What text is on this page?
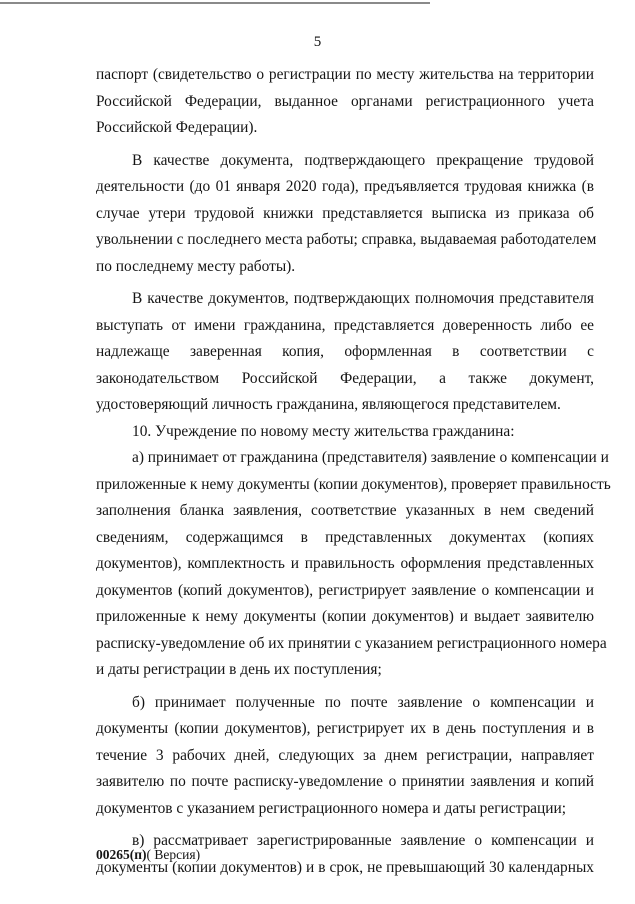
5
паспорт (свидетельство о регистрации по месту жительства на территории
Российской Федерации, выданное органами регистрационного учета
Российской Федерации).
В качестве документа, подтверждающего прекращение трудовой
деятельности (до 01 января 2020 года), предъявляется трудовая книжка (в
случае утери трудовой книжки представляется выписка из приказа об
увольнении с последнего места работы; справка, выдаваемая работодателем
по последнему месту работы).
В качестве документов, подтверждающих полномочия представителя
выступать от имени гражданина, представляется доверенность либо ее
надлежаще заверенная копия, оформленная в соответствии с
законодательством Российской Федерации, а также документ,
удостоверяющий личность гражданина, являющегося представителем.
10. Учреждение по новому месту жительства гражданина:
а) принимает от гражданина (представителя) заявление о компенсации и
приложенные к нему документы (копии документов), проверяет правильность
заполнения бланка заявления, соответствие указанных в нем сведений
сведениям, содержащимся в представленных документах (копиях
документов), комплектность и правильность оформления представленных
документов (копий документов), регистрирует заявление о компенсации и
приложенные к нему документы (копии документов) и выдает заявителю
расписку-уведомление об их принятии с указанием регистрационного номера
и даты регистрации в день их поступления;
б) принимает полученные по почте заявление о компенсации и
документы (копии документов), регистрирует их в день поступления и в
течение 3 рабочих дней, следующих за днем регистрации, направляет
заявителю по почте расписку-уведомление о принятии заявления и копий
документов с указанием регистрационного номера и даты регистрации;
в) рассматривает зарегистрированные заявление о компенсации и
документы (копии документов) и в срок, не превышающий 30 календарных
00265(п)( Версия)
